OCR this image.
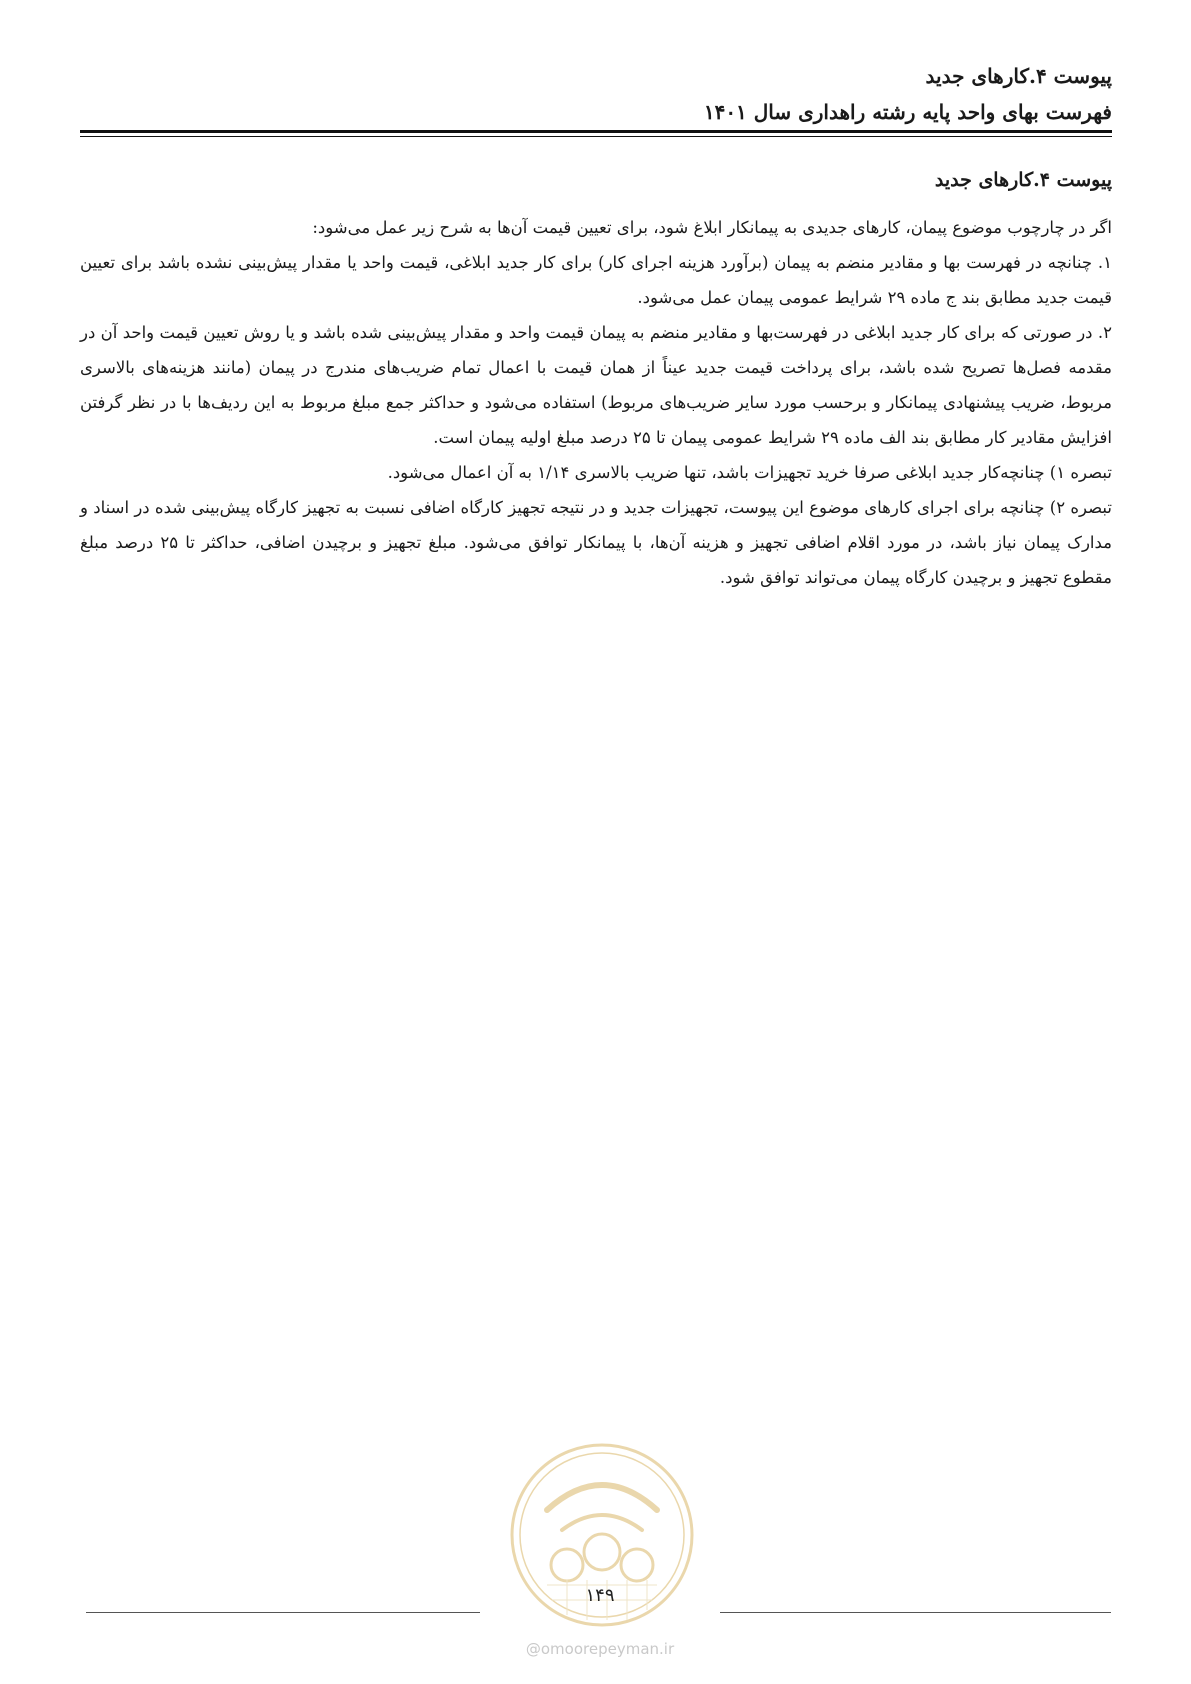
پیوست ۴.کارهای جدید
فهرست بهای واحد پایه رشته راهداری سال ۱۴۰۱
پیوست ۴.کارهای جدید

اگر در چارچوب موضوع پیمان، کارهای جدیدی به پیمانکار ابلاغ شود، برای تعیین قیمت آن‌ها به شرح زیر عمل می‌شود:

۱. چنانچه در فهرست بها و مقادیر منضم به پیمان (برآورد هزینه اجرای کار) برای کار جدید ابلاغی، قیمت واحد یا مقدار پیش‌بینی نشده باشد برای تعیین قیمت جدید مطابق بند ج ماده ۲۹ شرایط عمومی پیمان عمل می‌شود.

۲. در صورتی که برای کار جدید ابلاغی در فهرست‌بها و مقادیر منضم به پیمان قیمت واحد و مقدار پیش‌بینی شده باشد و یا روش تعیین قیمت واحد آن در مقدمه فصل‌ها تصریح شده باشد، برای پرداخت قیمت جدید عیناً از همان قیمت با اعمال تمام ضریب‌های مندرج در پیمان (مانند هزینه‌های بالاسری مربوط، ضریب پیشنهادی پیمانکار و برحسب مورد سایر ضریب‌های مربوط) استفاده می‌شود و حداکثر جمع مبلغ مربوط به این ردیف‌ها با در نظر گرفتن افزایش مقادیر کار مطابق بند الف ماده ۲۹ شرایط عمومی پیمان تا ۲۵ درصد مبلغ اولیه پیمان است.

تبصره ۱) چنانچه‌کار جدید ابلاغی صرفا خرید تجهیزات باشد، تنها ضریب بالاسری ۱/۱۴ به آن اعمال می‌شود.

تبصره ۲) چنانچه برای اجرای کارهای موضوع این پیوست، تجهیزات جدید و در نتیجه تجهیز کارگاه اضافی نسبت به تجهیز کارگاه پیش‌بینی شده در اسناد و مدارک پیمان نیاز باشد، در مورد اقلام اضافی تجهیز و هزینه آن‌ها، با پیمانکار توافق می‌شود. مبلغ تجهیز و برچیدن اضافی، حداکثر تا ۲۵ درصد مبلغ مقطوع تجهیز و برچیدن کارگاه پیمان می‌تواند توافق شود.

۱۴۹
@omoorepeyman.ir
